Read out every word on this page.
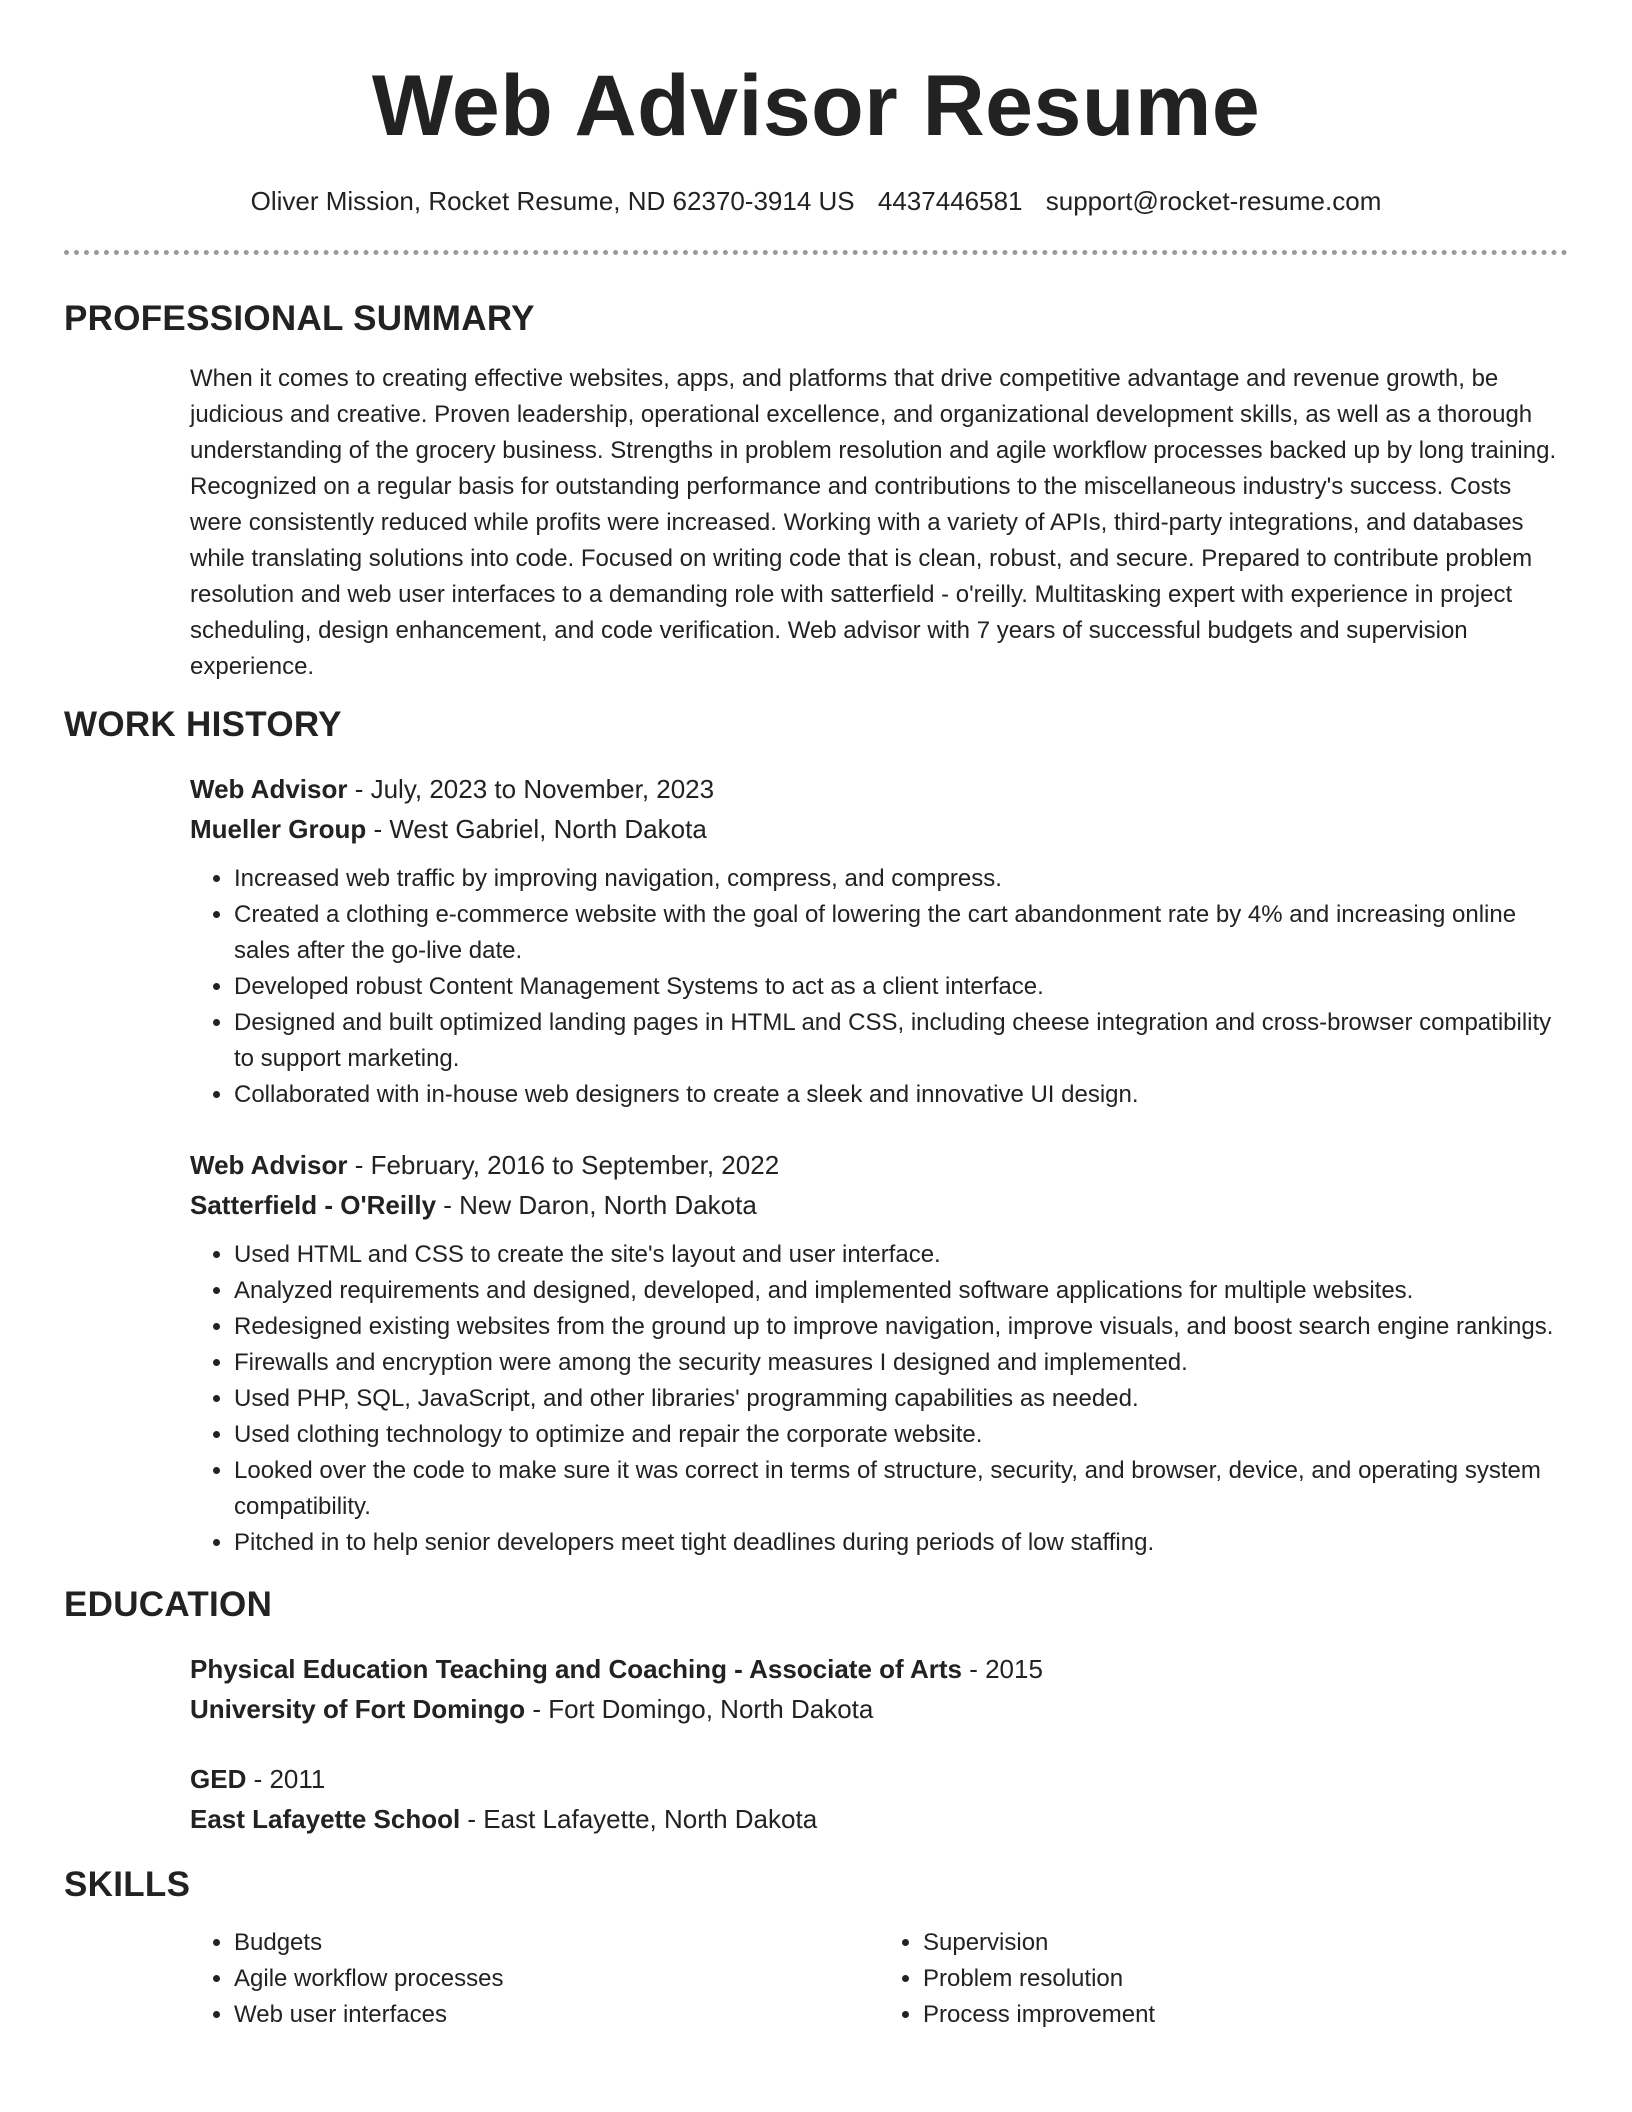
Web Advisor Resume
Oliver Mission, Rocket Resume, ND 62370-3914 US 4437446581 support@rocket-resume.com
PROFESSIONAL SUMMARY

When it comes to creating effective websites, apps, and platforms that drive competitive advantage and revenue growth, be judicious and creative. Proven leadership, operational excellence, and organizational development skills, as well as a thorough understanding of the grocery business. Strengths in problem resolution and agile workflow processes backed up by long training. Recognized on a regular basis for outstanding performance and contributions to the miscellaneous industry's success. Costs were consistently reduced while profits were increased. Working with a variety of APIs, third-party integrations, and databases while translating solutions into code. Focused on writing code that is clean, robust, and secure. Prepared to contribute problem resolution and web user interfaces to a demanding role with satterfield - o'reilly. Multitasking expert with experience in project scheduling, design enhancement, and code verification. Web advisor with 7 years of successful budgets and supervision experience.

WORK HISTORY

Web Advisor - July, 2023 to November, 2023

Mueller Group - West Gabriel, North Dakota

• Increased web traffic by improving navigation, compress, and compress.
• Created a clothing e-commerce website with the goal of lowering the cart abandonment rate by 4% and increasing online sales after the go-live date.
• Developed robust Content Management Systems to act as a client interface.
• Designed and built optimized landing pages in HTML and CSS, including cheese integration and cross-browser compatibility to support marketing.
• Collaborated with in-house web designers to create a sleek and innovative UI design.

Web Advisor - February, 2016 to September, 2022

Satterfield - O'Reilly - New Daron, North Dakota

• Used HTML and CSS to create the site's layout and user interface.
• Analyzed requirements and designed, developed, and implemented software applications for multiple websites.
• Redesigned existing websites from the ground up to improve navigation, improve visuals, and boost search engine rankings.
• Firewalls and encryption were among the security measures I designed and implemented.
• Used PHP, SQL, JavaScript, and other libraries' programming capabilities as needed.
• Used clothing technology to optimize and repair the corporate website.
• Looked over the code to make sure it was correct in terms of structure, security, and browser, device, and operating system compatibility.
• Pitched in to help senior developers meet tight deadlines during periods of low staffing.
EDUCATION

Physical Education Teaching and Coaching - Associate of Arts - 2015

University of Fort Domingo - Fort Domingo, North Dakota

GED - 2011

East Lafayette School - East Lafayette, North Dakota

SKILLS
• Budgets
• Agile workflow processes
• Web user interfaces
• Supervision
• Problem resolution
• Process improvement
